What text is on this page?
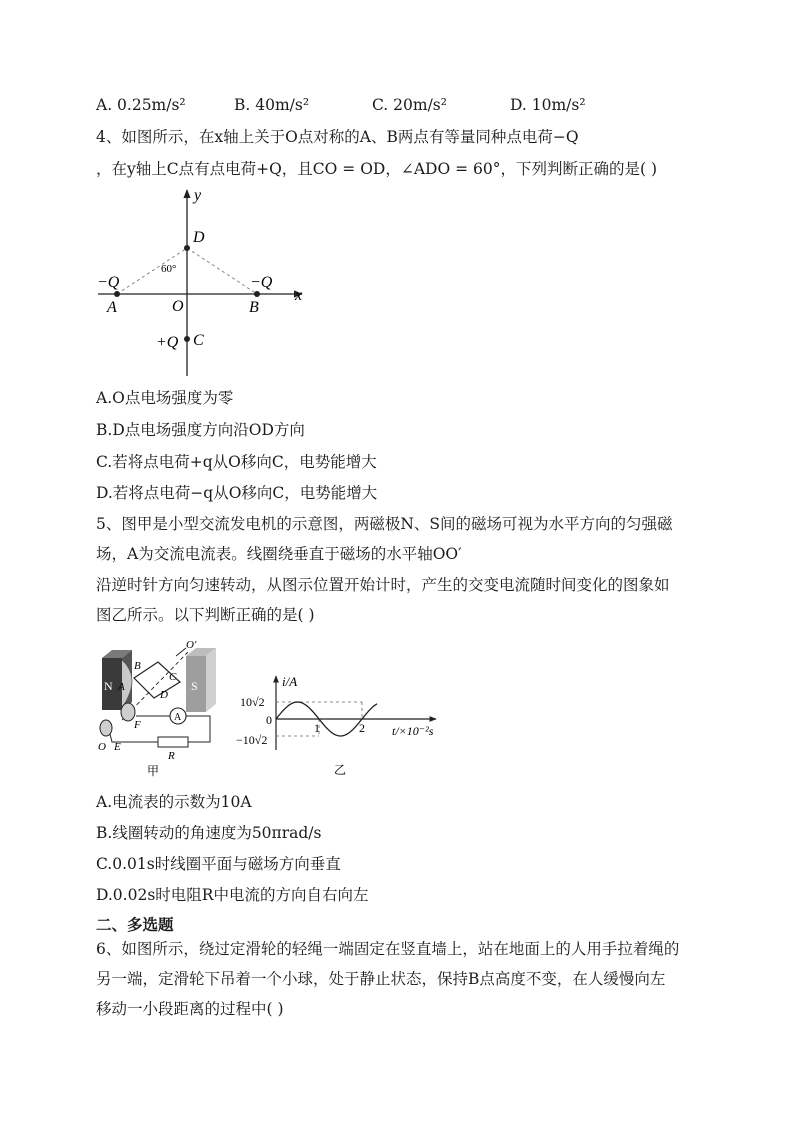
A. 0.25m/s²	B. 40m/s²	C. 20m/s²	D. 10m/s²
4、如图所示，在x轴上关于O点对称的A、B两点有等量同种点电荷−Q
，在y轴上C点有点电荷+Q，且CO = OD，∠ADO = 60°，下列判断正确的是( )
y
x
D
O
A	B
C
60°
−Q	−Q
+Q
A.O点电场强度为零
B.D点电场强度方向沿OD方向
C.若将点电荷+q从O移向C，电势能增大
D.若将点电荷−q从O移向C，电势能增大
5、图甲是小型交流发电机的示意图，两磁极N、S间的磁场可视为水平方向的匀强磁
场，A为交流电流表。线圈绕垂直于磁场的水平轴OO′
沿逆时针方向匀速转动，从图示位置开始计时，产生的交变电流随时间变化的图象如
图乙所示。以下判断正确的是( )
N	S
A
B
C
D
E
F
O
O′
R
A
甲
i/A
10√2
0
−10√2
1	2 t/×10⁻²s
乙
A.电流表的示数为10A
B.线圈转动的角速度为50πrad/s
C.0.01s时线圈平面与磁场方向垂直
D.0.02s时电阻R中电流的方向自右向左
二、多选题
6、如图所示，绕过定滑轮的轻绳一端固定在竖直墙上，站在地面上的人用手拉着绳的
另一端，定滑轮下吊着一个小球，处于静止状态，保持B点高度不变，在人缓慢向左
移动一小段距离的过程中( )
